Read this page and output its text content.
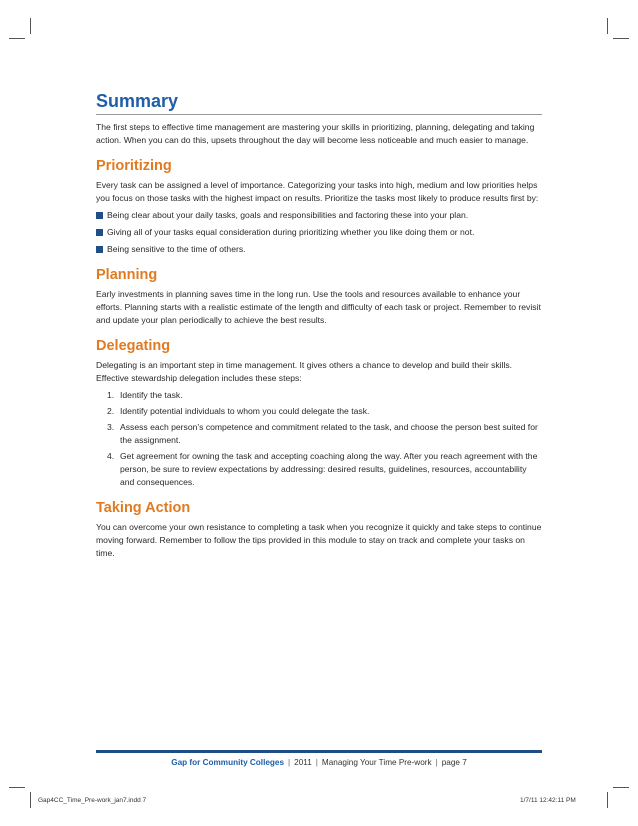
Summary

The first steps to effective time management are mastering your skills in prioritizing, planning, delegating and taking action. When you can do this, upsets throughout the day will become less noticeable and much easier to manage.

Prioritizing

Every task can be assigned a level of importance. Categorizing your tasks into high, medium and low priorities helps you focus on those tasks with the highest impact on results. Prioritize the tasks most likely to produce results first by:

Being clear about your daily tasks, goals and responsibilities and factoring these into your plan.
Giving all of your tasks equal consideration during prioritizing whether you like doing them or not.
Being sensitive to the time of others.
Planning

Early investments in planning saves time in the long run. Use the tools and resources available to enhance your efforts. Planning starts with a realistic estimate of the length and difficulty of each task or project. Remember to revisit and update your plan periodically to achieve the best results.

Delegating

Delegating is an important step in time management. It gives others a chance to develop and build their skills. Effective stewardship delegation includes these steps:

1. Identify the task.
2. Identify potential individuals to whom you could delegate the task.
3. Assess each person’s competence and commitment related to the task, and choose the person best suited for the assignment.
4. Get agreement for owning the task and accepting coaching along the way. After you reach agreement with the person, be sure to review expectations by addressing: desired results, guidelines, resources, accountability and consequences.
Taking Action

You can overcome your own resistance to completing a task when you recognize it quickly and take steps to continue moving forward. Remember to follow the tips provided in this module to stay on track and complete your tasks on time.

Gap for Community Colleges | 2011 | Managing Your Time Pre-work | page 7
Gap4CC_Time_Pre-work_jan7.indd 7	1/7/11 12:42:11 PM
